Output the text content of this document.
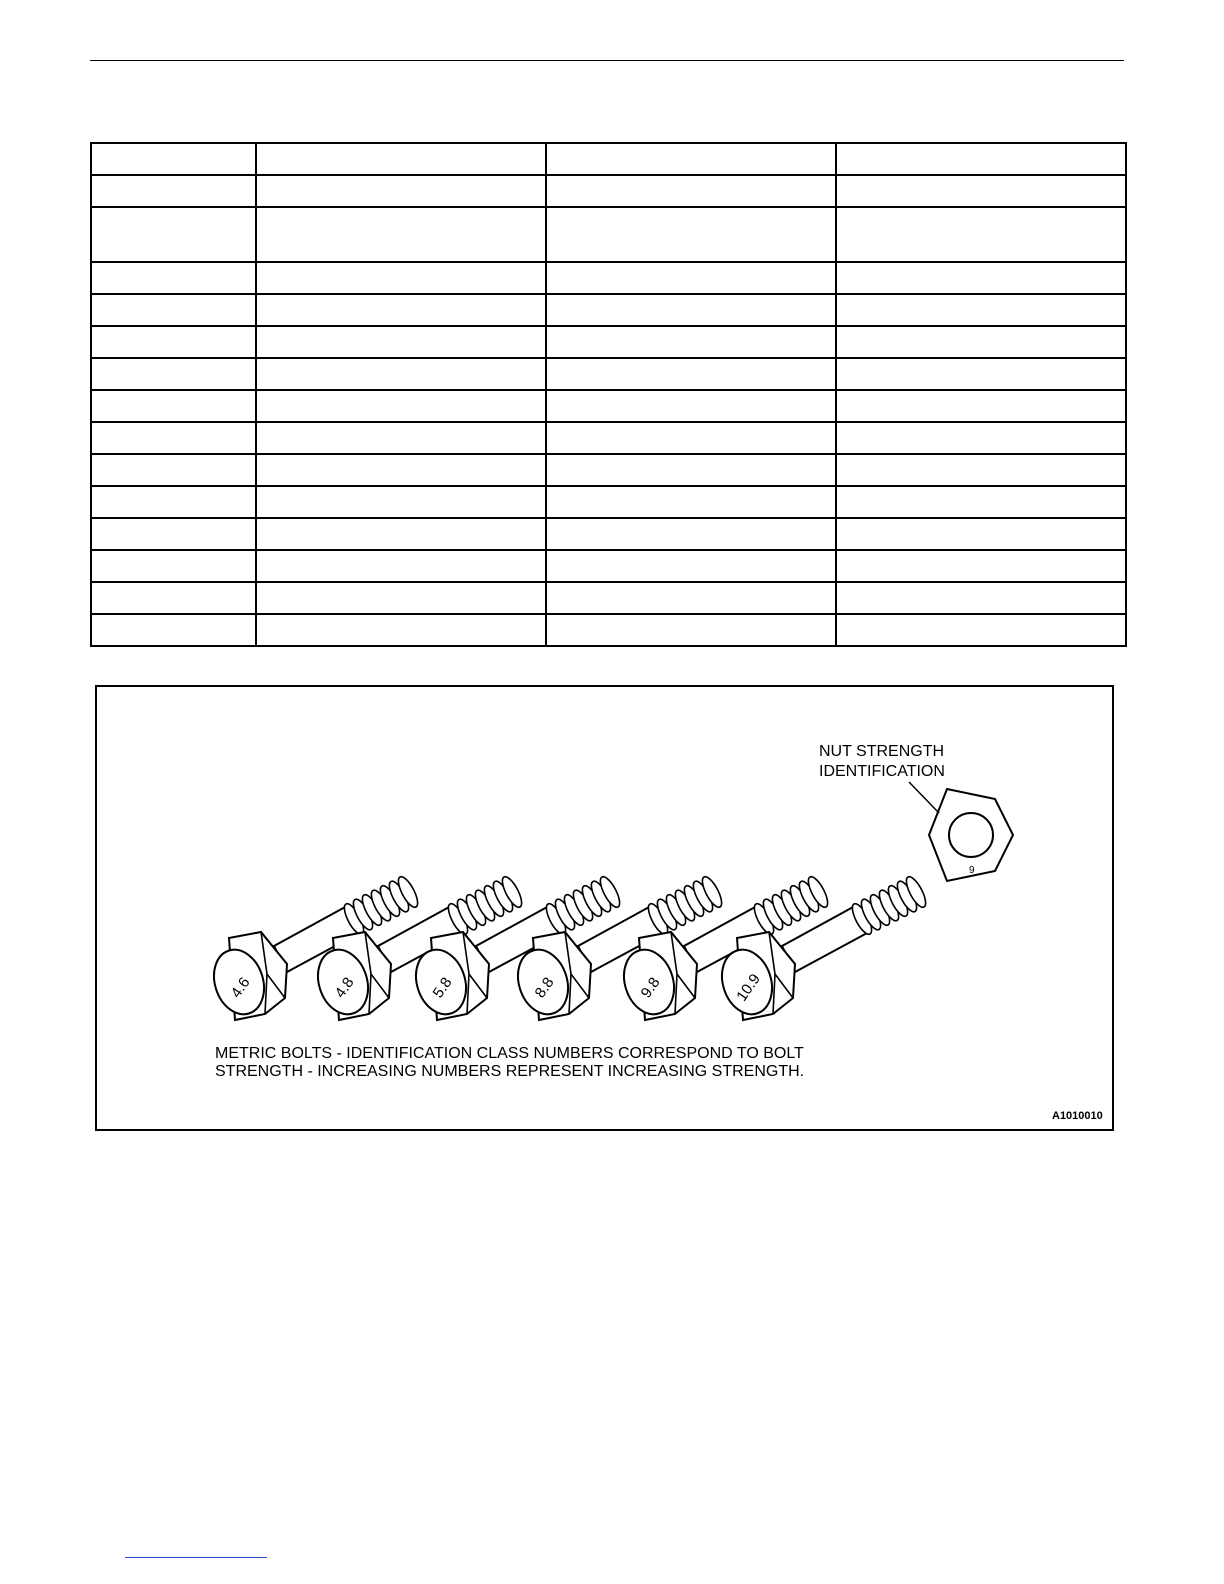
4.6	4.8	5.8	8.8	9.8	10.9
9
NUT STRENGTH
IDENTIFICATION
METRIC BOLTS - IDENTIFICATION CLASS NUMBERS CORRESPOND TO BOLT
STRENGTH - INCREASING NUMBERS REPRESENT INCREASING STRENGTH.
A1010010
